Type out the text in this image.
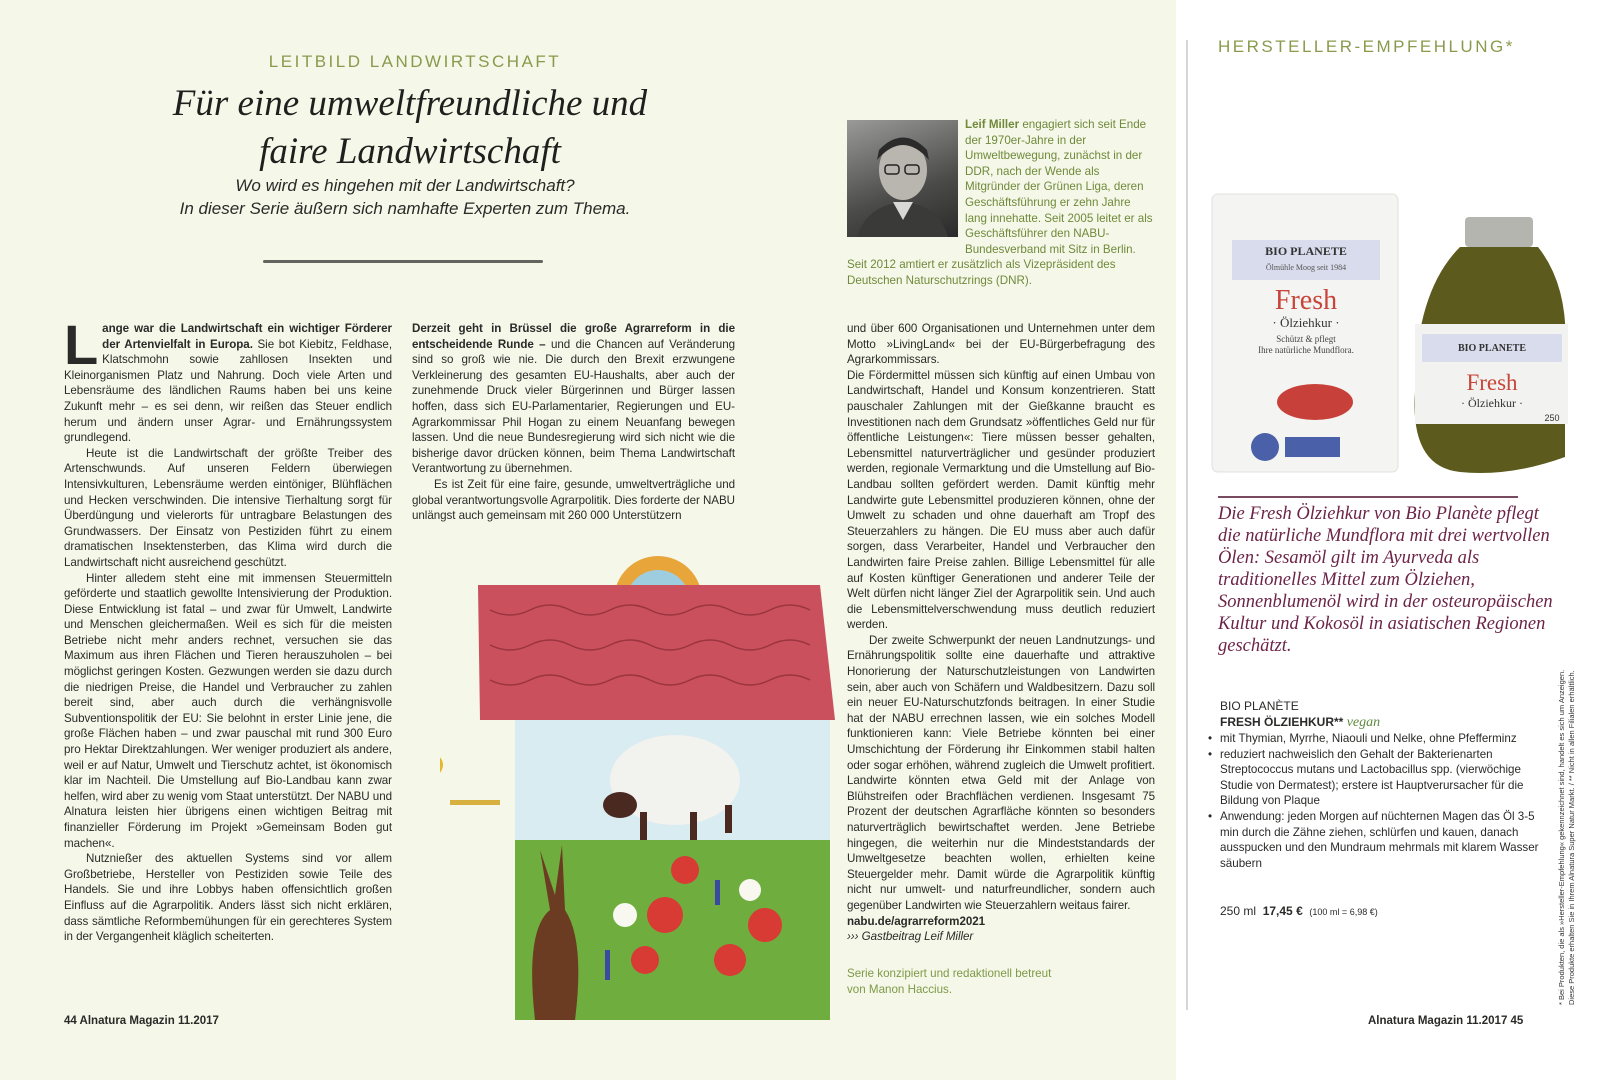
LEITBILD LANDWIRTSCHAFT
Für eine umweltfreundliche und
faire Landwirtschaft
Wo wird es hingehen mit der Landwirtschaft?
In dieser Serie äußern sich namhafte Experten zum Thema.

Lange war die Landwirtschaft ein wichtiger Förderer der Artenvielfalt in Europa. Sie bot Kiebitz, Feldhase, Klatschmohn sowie zahllosen Insekten und Kleinorganismen Platz und Nahrung. Doch viele Arten und Lebensräume des ländlichen Raums haben bei uns keine Zukunft mehr – es sei denn, wir reißen das Steuer endlich herum und ändern unser Agrar- und Ernährungssystem grundlegend.

Heute ist die Landwirtschaft der größte Treiber des Artenschwunds. Auf unseren Feldern überwiegen Intensivkulturen, Lebensräume werden eintöniger, Blühflächen und Hecken verschwinden. Die intensive Tierhaltung sorgt für Überdüngung und vielerorts für untragbare Belastungen des Grundwassers. Der Einsatz von Pestiziden führt zu einem dramatischen Insektensterben, das Klima wird durch die Landwirtschaft nicht ausreichend geschützt.

Hinter alledem steht eine mit immensen Steuermitteln geförderte und staatlich gewollte Intensivierung der Produktion. Diese Entwicklung ist fatal – und zwar für Umwelt, Landwirte und Menschen gleichermaßen. Weil es sich für die meisten Betriebe nicht mehr anders rechnet, versuchen sie das Maximum aus ihren Flächen und Tieren herauszuholen – bei möglichst geringen Kosten. Gezwungen werden sie dazu durch die niedrigen Preise, die Handel und Verbraucher zu zahlen bereit sind, aber auch durch die verhängnisvolle Subventionspolitik der EU: Sie belohnt in erster Linie jene, die große Flächen haben – und zwar pauschal mit rund 300 Euro pro Hektar Direktzahlungen. Wer weniger produziert als andere, weil er auf Natur, Umwelt und Tierschutz achtet, ist ökonomisch klar im Nachteil. Die Umstellung auf Bio-Landbau kann zwar helfen, wird aber zu wenig vom Staat unterstützt. Der NABU und Alnatura leisten hier übrigens einen wichtigen Beitrag mit finanzieller Förderung im Projekt »Gemeinsam Boden gut machen«.

Nutznießer des aktuellen Systems sind vor allem Großbetriebe, Hersteller von Pestiziden sowie Teile des Handels. Sie und ihre Lobbys haben offensichtlich großen Einfluss auf die Agrarpolitik. Anders lässt sich nicht erklären, dass sämtliche Reformbemühungen für ein gerechteres System in der Vergangenheit kläglich scheiterten.

Derzeit geht in Brüssel die große Agrarreform in die entscheidende Runde – und die Chancen auf Veränderung sind so groß wie nie. Die durch den Brexit erzwungene Verkleinerung des gesamten EU-Haushalts, aber auch der zunehmende Druck vieler Bürgerinnen und Bürger lassen hoffen, dass sich EU-Parlamentarier, Regierungen und EU-Agrarkommissar Phil Hogan zu einem Neuanfang bewegen lassen. Und die neue Bundesregierung wird sich nicht wie die bisherige davor drücken können, beim Thema Landwirtschaft Verantwortung zu übernehmen.

Es ist Zeit für eine faire, gesunde, umweltverträgliche und global verantwortungsvolle Agrarpolitik. Dies forderte der NABU unlängst auch gemeinsam mit 260 000 Unterstützern

Leif Miller engagiert sich seit Ende der 1970er-Jahre in der Umweltbewegung, zunächst in der DDR, nach der Wende als Mitgründer der Grünen Liga, deren Geschäftsführung er zehn Jahre lang innehatte. Seit 2005 leitet er als Geschäftsführer den NABU-Bundesverband mit Sitz in Berlin. Seit 2012 amtiert er zusätzlich als Vizepräsident des Deutschen Naturschutzrings (DNR).

und über 600 Organisationen und Unternehmen unter dem Motto »LivingLand« bei der EU-Bürgerbefragung des Agrarkommissars.

Die Fördermittel müssen sich künftig auf einen Umbau von Landwirtschaft, Handel und Konsum konzentrieren. Statt pauschaler Zahlungen mit der Gießkanne braucht es Investitionen nach dem Grundsatz »öffentliches Geld nur für öffentliche Leistungen«: Tiere müssen besser gehalten, Lebensmittel naturverträglicher und gesünder produziert werden, regionale Vermarktung und die Umstellung auf Bio-Landbau sollten gefördert werden. Damit künftig mehr Landwirte gute Lebensmittel produzieren können, ohne der Umwelt zu schaden und ohne dauerhaft am Tropf des Steuerzahlers zu hängen. Die EU muss aber auch dafür sorgen, dass Verarbeiter, Handel und Verbraucher den Landwirten faire Preise zahlen. Billige Lebensmittel für alle auf Kosten künftiger Generationen und anderer Teile der Welt dürfen nicht länger Ziel der Agrarpolitik sein. Und auch die Lebensmittelverschwendung muss deutlich reduziert werden.

Der zweite Schwerpunkt der neuen Landnutzungs- und Ernährungspolitik sollte eine dauerhafte und attraktive Honorierung der Naturschutzleistungen von Landwirten sein, aber auch von Schäfern und Waldbesitzern. Dazu soll ein neuer EU-Naturschutzfonds beitragen. In einer Studie hat der NABU errechnen lassen, wie ein solches Modell funktionieren kann: Viele Betriebe könnten bei einer Umschichtung der Förderung ihr Einkommen stabil halten oder sogar erhöhen, während zugleich die Umwelt profitiert. Landwirte könnten etwa Geld mit der Anlage von Blühstreifen oder Brachflächen verdienen. Insgesamt 75 Prozent der deutschen Agrarfläche könnten so besonders naturverträglich bewirtschaftet werden. Jene Betriebe hingegen, die weiterhin nur die Mindeststandards der Umweltgesetze beachten wollen, erhielten keine Steuergelder mehr. Damit würde die Agrarpolitik künftig nicht nur umwelt- und naturfreundlicher, sondern auch gegenüber Landwirten wie Steuerzahlern weitaus fairer.

nabu.de/agrarreform2021

››› Gastbeitrag Leif Miller

Serie konzipiert und redaktionell betreut von Manon Haccius.
44 Alnatura Magazin 11.2017
HERSTELLER-EMPFEHLUNG*
BIO PLANETE
Ölmühle Moog seit 1984
Fresh
· Ölziehkur ·
Schützt & pflegt
Ihre natürliche Mundflora.	BIO PLANETE
Fresh
· Ölziehkur ·
250
Die Fresh Ölziehkur von Bio Planète pflegt die natürliche Mundflora mit drei wertvollen Ölen: Sesamöl gilt im Ayurveda als traditionelles Mittel zum Ölziehen, Sonnenblumenöl wird in der osteuropäischen Kultur und Kokosöl in asiatischen Regionen geschätzt.
BIO PLANÈTE
FRESH ÖLZIEHKUR** vegan
• mit Thymian, Myrrhe, Niaouli und Nelke, ohne Pfefferminz
• reduziert nachweislich den Gehalt der Bakterienarten Streptococcus mutans und Lactobacillus spp. (vierwöchige Studie von Dermatest); erstere ist Hauptverursacher für die Bildung von Plaque
• Anwendung: jeden Morgen auf nüchternen Magen das Öl 3-5 min durch die Zähne ziehen, schlürfen und kauen, danach ausspucken und den Mundraum mehrmals mit klarem Wasser säubern
250 ml 17,45 € (100 ml = 6,98 €)	* Bei Produkten, die als »Hersteller-Empfehlung« gekennzeichnet sind, handelt es sich um Anzeigen. Diese Produkte erhalten Sie in Ihrem Alnatura Super Natur Markt. / ** Nicht in allen Filialen erhältlich.
Alnatura Magazin 11.2017 45
